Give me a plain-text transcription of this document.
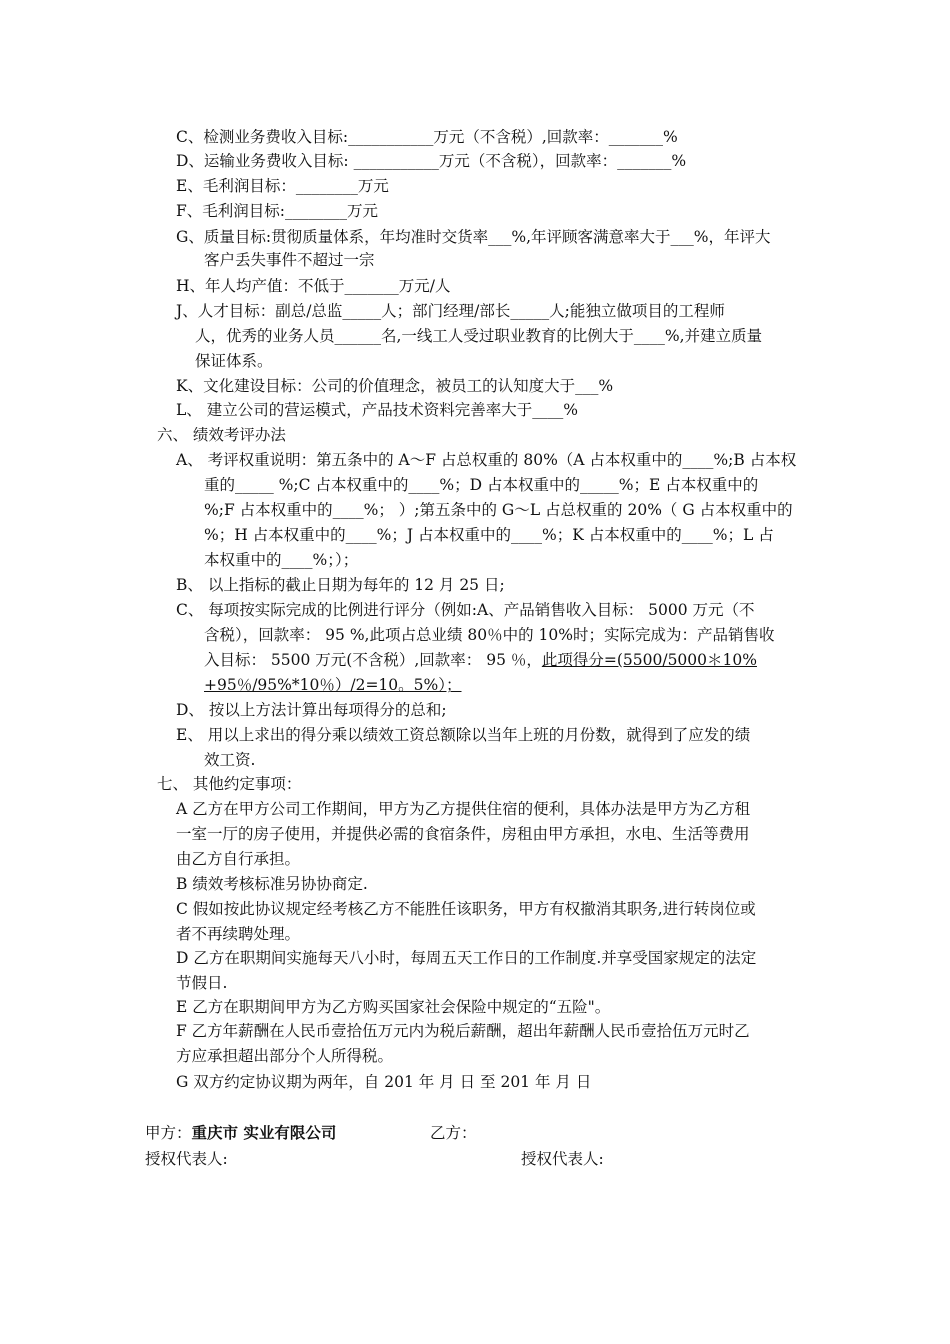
C、检测业务费收入目标:___________万元（不含税）,回款率：_______%
D、运输业务费收入目标: ___________万元（不含税），回款率：_______%
E、毛利润目标：________万元
F、毛利润目标:________万元
G、质量目标:贯彻质量体系，年均准时交货率___%,年评顾客满意率大于___%，年评大
客户丢失事件不超过一宗
H、年人均产值：不低于_______万元/人
J、人才目标：副总/总监_____人；部门经理/部长_____人;能独立做项目的工程师
人，优秀的业务人员______名,一线工人受过职业教育的比例大于____%,并建立质量
保证体系。
K、文化建设目标：公司的价值理念，被员工的认知度大于___%
L、 建立公司的营运模式，产品技术资料完善率大于____%
六、 绩效考评办法
A、 考评权重说明：第五条中的 A～F 占总权重的 80%（A 占本权重中的____%;B 占本权
重的_____ %;C 占本权重中的____%；D 占本权重中的_____%；E 占本权重中的
%;F 占本权重中的____%； ）;第五条中的 G～L 占总权重的 20%（ G 占本权重中的
%；H 占本权重中的____%；J 占本权重中的____%；K 占本权重中的____%；L 占
本权重中的____%；）；
B、 以上指标的截止日期为每年的 12 月 25 日;
C、 每项按实际完成的比例进行评分（例如:A、产品销售收入目标： 5000 万元（不
含税），回款率： 95 %,此项占总业绩 80％中的 10%时；实际完成为：产品销售收
入目标： 5500 万元(不含税）,回款率： 95 ％，此项得分=(5500/5000＊10%
+95％/95%*10％）/2=10。5%）；
D、 按以上方法计算出每项得分的总和;
E、 用以上求出的得分乘以绩效工资总额除以当年上班的月份数，就得到了应发的绩
效工资.
七、 其他约定事项：
A 乙方在甲方公司工作期间，甲方为乙方提供住宿的便利，具体办法是甲方为乙方租
一室一厅的房子使用，并提供必需的食宿条件，房租由甲方承担，水电、生活等费用
由乙方自行承担。
B 绩效考核标准另协协商定.
C 假如按此协议规定经考核乙方不能胜任该职务，甲方有权撤消其职务,进行转岗位或
者不再续聘处理。
D 乙方在职期间实施每天八小时，每周五天工作日的工作制度.并享受国家规定的法定
节假日.
E 乙方在职期间甲方为乙方购买国家社会保险中规定的“五险"。
F 乙方年薪酬在人民币壹拾伍万元内为税后薪酬，超出年薪酬人民币壹拾伍万元时乙
方应承担超出部分个人所得税。
G 双方约定协议期为两年，自 201 年 月 日 至 201 年 月 日
甲方：重庆市 实业有限公司	乙方：
授权代表人:	授权代表人:
